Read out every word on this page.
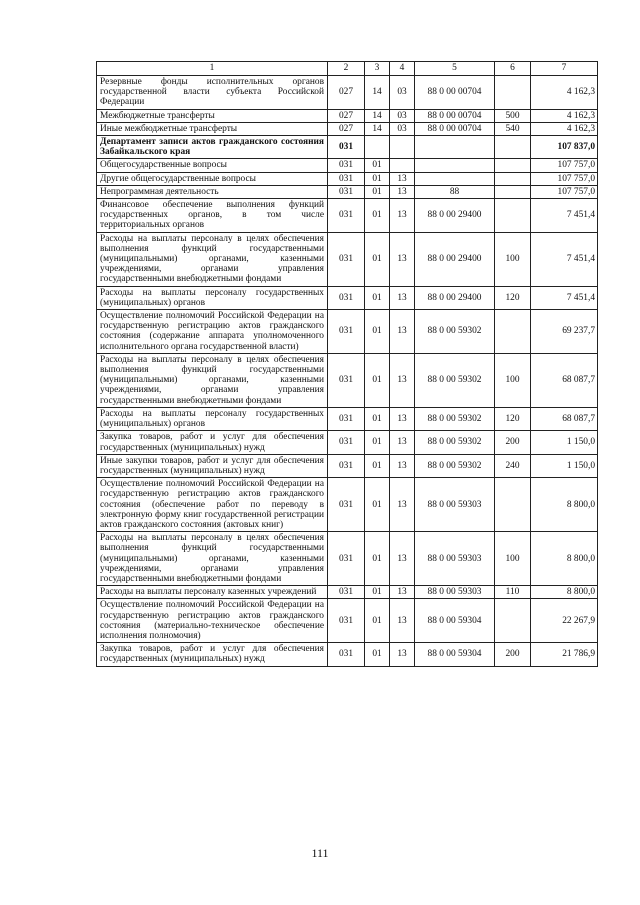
1	2	3	4	5	6	7
Резервные фонды исполнительных органов государственной власти субъекта Российской Федерации	027	14	03	88 0 00 00704		4 162,3
Межбюджетные трансферты	027	14	03	88 0 00 00704	500	4 162,3
Иные межбюджетные трансферты	027	14	03	88 0 00 00704	540	4 162,3
Департамент записи актов гражданского состояния Забайкальского края	031					107 837,0
Общегосударственные вопросы	031	01				107 757,0
Другие общегосударственные вопросы	031	01	13			107 757,0
Непрограммная деятельность	031	01	13	88		107 757,0
Финансовое обеспечение выполнения функций государственных органов, в том числе территориальных органов	031	01	13	88 0 00 29400		7 451,4
Расходы на выплаты персоналу в целях обеспечения выполнения функций государственными (муниципальными) органами, казенными учреждениями, органами управления государственными внебюджетными фондами	031	01	13	88 0 00 29400	100	7 451,4
Расходы на выплаты персоналу государственных (муниципальных) органов	031	01	13	88 0 00 29400	120	7 451,4
Осуществление полномочий Российской Федерации на государственную регистрацию актов гражданского состояния (содержание аппарата уполномоченного исполнительного органа государственной власти)	031	01	13	88 0 00 59302		69 237,7
Расходы на выплаты персоналу в целях обеспечения выполнения функций государственными (муниципальными) органами, казенными учреждениями, органами управления государственными внебюджетными фондами	031	01	13	88 0 00 59302	100	68 087,7
Расходы на выплаты персоналу государственных (муниципальных) органов	031	01	13	88 0 00 59302	120	68 087,7
Закупка товаров, работ и услуг для обеспечения государственных (муниципальных) нужд	031	01	13	88 0 00 59302	200	1 150,0
Иные закупки товаров, работ и услуг для обеспечения государственных (муниципальных) нужд	031	01	13	88 0 00 59302	240	1 150,0
Осуществление полномочий Российской Федерации на государственную регистрацию актов гражданского состояния (обеспечение работ по переводу в электронную форму книг государственной регистрации актов гражданского состояния (актовых книг)	031	01	13	88 0 00 59303		8 800,0
Расходы на выплаты персоналу в целях обеспечения выполнения функций государственными (муниципальными) органами, казенными учреждениями, органами управления государственными внебюджетными фондами	031	01	13	88 0 00 59303	100	8 800,0
Расходы на выплаты персоналу казенных учреждений	031	01	13	88 0 00 59303	110	8 800,0
Осуществление полномочий Российской Федерации на государственную регистрацию актов гражданского состояния (материально-техническое обеспечение исполнения полномочия)	031	01	13	88 0 00 59304		22 267,9
Закупка товаров, работ и услуг для обеспечения государственных (муниципальных) нужд	031	01	13	88 0 00 59304	200	21 786,9
111
